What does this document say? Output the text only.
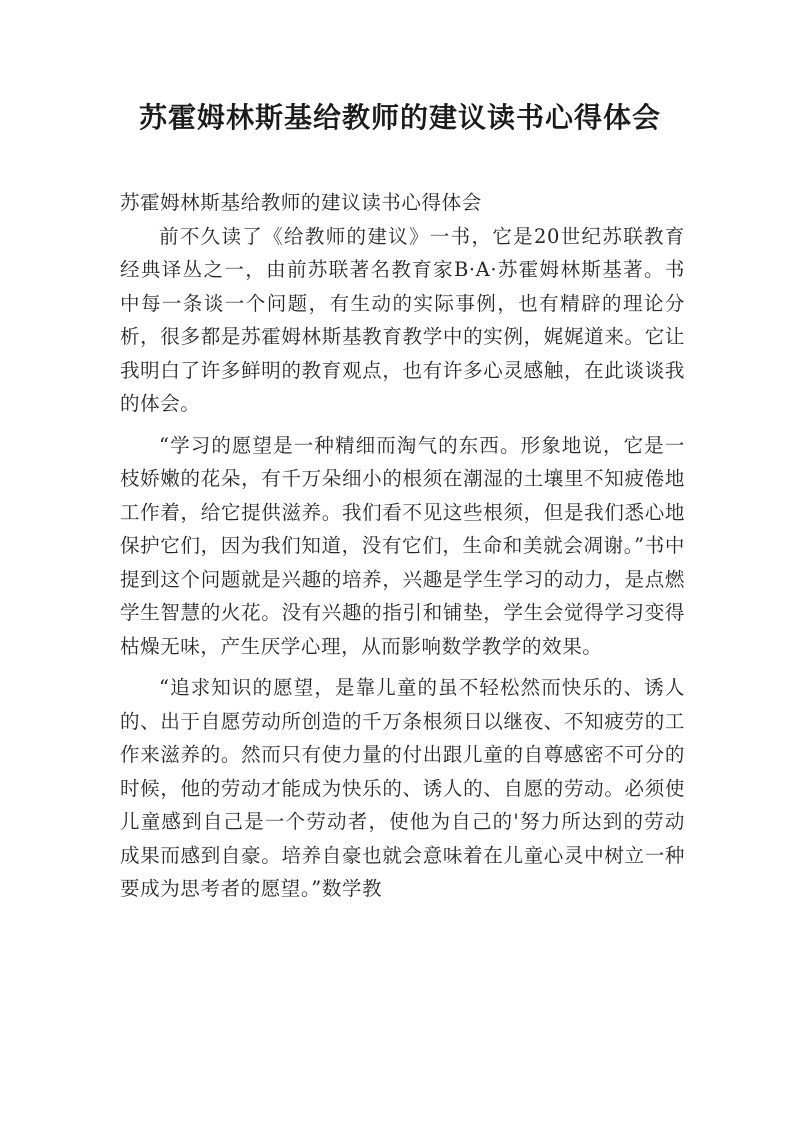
苏霍姆林斯基给教师的建议读书心得体会

苏霍姆林斯基给教师的建议读书心得体会

前不久读了《给教师的建议》一书，它是20世纪苏联教育经典译丛之一，由前苏联著名教育家B·A·苏霍姆林斯基著。书中每一条谈一个问题，有生动的实际事例，也有精辟的理论分析，很多都是苏霍姆林斯基教育教学中的实例，娓娓道来。它让我明白了许多鲜明的教育观点，也有许多心灵感触，在此谈谈我的体会。

“学习的愿望是一种精细而淘气的东西。形象地说，它是一枝娇嫩的花朵，有千万朵细小的根须在潮湿的土壤里不知疲倦地工作着，给它提供滋养。我们看不见这些根须，但是我们悉心地保护它们，因为我们知道，没有它们，生命和美就会凋谢。”书中提到这个问题就是兴趣的培养，兴趣是学生学习的动力，是点燃学生智慧的火花。没有兴趣的指引和铺垫，学生会觉得学习变得枯燥无味，产生厌学心理，从而影响数学教学的效果。

“追求知识的愿望，是靠儿童的虽不轻松然而快乐的、诱人的、出于自愿劳动所创造的千万条根须日以继夜、不知疲劳的工作来滋养的。然而只有使力量的付出跟儿童的自尊感密不可分的时候，他的劳动才能成为快乐的、诱人的、自愿的劳动。必须使儿童感到自己是一个劳动者，使他为自己的'努力所达到的劳动成果而感到自豪。培养自豪也就会意味着在儿童心灵中树立一种要成为思考者的愿望。”数学教
